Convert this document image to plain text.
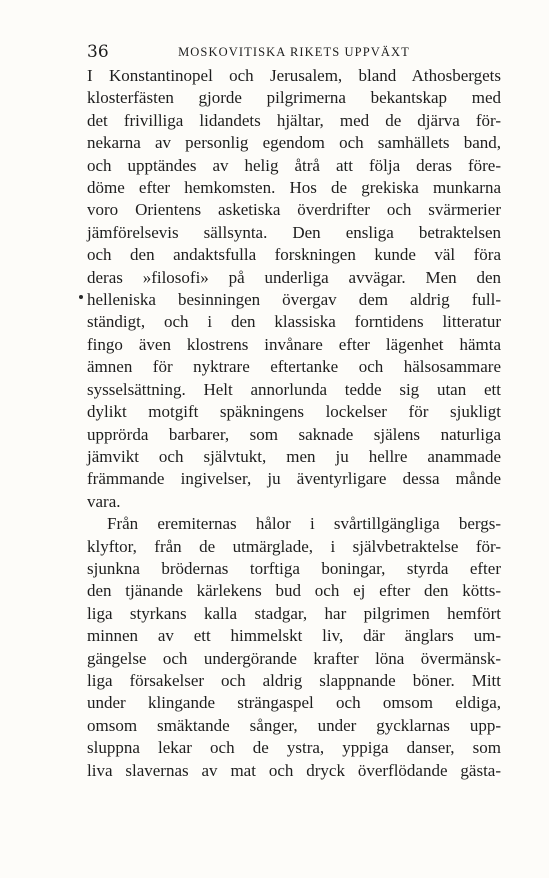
36	MOSKOVITISKA RIKETS UPPVÄXT
I Konstantinopel och Jerusalem, bland Athosbergets
klosterfästen gjorde pilgrimerna bekantskap med
det frivilliga lidandets hjältar, med de djärva för-
nekarna av personlig egendom och samhällets band,
och upptändes av helig åtrå att följa deras före-
döme efter hemkomsten. Hos de grekiska munkarna
voro Orientens asketiska överdrifter och svärmerier
jämförelsevis sällsynta. Den ensliga betraktelsen
och den andaktsfulla forskningen kunde väl föra
deras »filosofi» på underliga avvägar. Men den
helleniska besinningen övergav dem aldrig full-
ständigt, och i den klassiska forntidens litteratur
fingo även klostrens invånare efter lägenhet hämta
ämnen för nyktrare eftertanke och hälsosammare
sysselsättning. Helt annorlunda tedde sig utan ett
dylikt motgift späkningens lockelser för sjukligt
upprörda barbarer, som saknade själens naturliga
jämvikt och självtukt, men ju hellre anammade
främmande ingivelser, ju äventyrligare dessa månde
vara.
Från eremiternas hålor i svårtillgängliga bergs-
klyftor, från de utmärglade, i självbetraktelse för-
sjunkna brödernas torftiga boningar, styrda efter
den tjänande kärlekens bud och ej efter den kötts-
liga styrkans kalla stadgar, har pilgrimen hemfört
minnen av ett himmelskt liv, där änglars um-
gängelse och undergörande krafter löna övermänsk-
liga försakelser och aldrig slappnande böner. Mitt
under klingande strängaspel och omsom eldiga,
omsom smäktande sånger, under gycklarnas upp-
sluppna lekar och de ystra, yppiga danser, som
liva slavernas av mat och dryck överflödande gästa-
